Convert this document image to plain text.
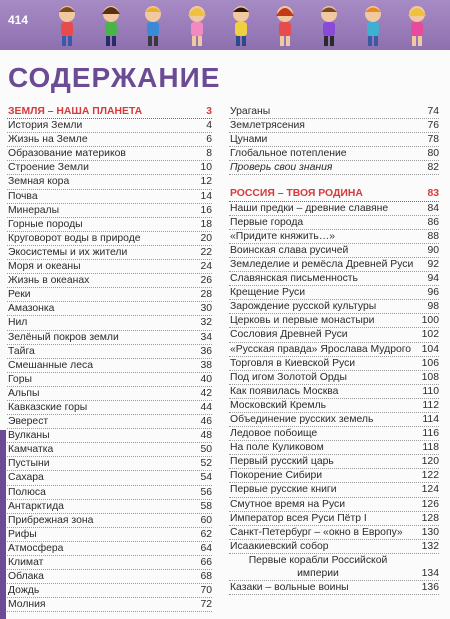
414
СОДЕРЖАНИЕ
ЗЕМЛЯ – НАША ПЛАНЕТА	3
История Земли	4
Жизнь на Земле	6
Образование материков	8
Строение Земли	10
Земная кора	12
Почва	14
Минералы	16
Горные породы	18
Круговорот воды в природе	20
Экосистемы и их жители	22
Моря и океаны	24
Жизнь в океанах	26
Реки	28
Амазонка	30
Нил	32
Зелёный покров земли	34
Тайга	36
Смешанные леса	38
Горы	40
Альпы	42
Кавказские горы	44
Эверест	46
Вулканы	48
Камчатка	50
Пустыни	52
Сахара	54
Полюса	56
Антарктида	58
Прибрежная зона	60
Рифы	62
Атмосфера	64
Климат	66
Облака	68
Дождь	70
Молния	72
Ураганы	74
Землетрясения	76
Цунами	78
Глобальное потепление	80
Проверь свои знания	82
РОССИЯ – ТВОЯ РОДИНА	83
Наши предки – древние славяне	84
Первые города	86
«Придите княжить…»	88
Воинская слава русичей	90
Земледелие и ремёсла Древней Руси 92
Славянская письменность	94
Крещение Руси	96
Зарождение русской культуры	98
Церковь и первые монастыри	100
Сословия Древней Руси	102
«Русская правда» Ярослава Мудрого 104
Торговля в Киевской Руси	106
Под игом Золотой Орды	108
Как появилась Москва	110
Московский Кремль	112
Объединение русских земель	114
Ледовое побоище	116
На поле Куликовом	118
Первый русский царь	120
Покорение Сибири	122
Первые русские книги	124
Смутное время на Руси	126
Император всея Руси Пётр I	128
Санкт-Петербург – «окно в Европу» 130
Исаакиевский собор	132
Первые корабли Российской империи	134
Казаки – вольные воины	136
